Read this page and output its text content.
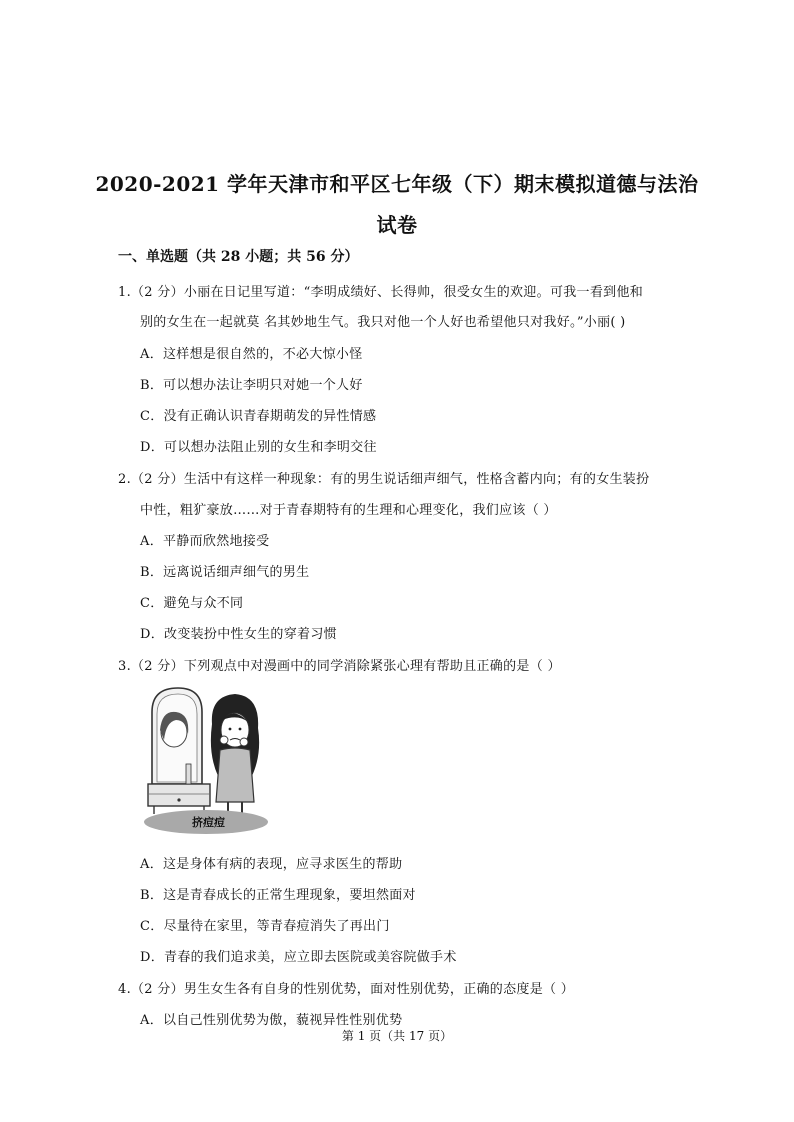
2020-2021 学年天津市和平区七年级（下）期末模拟道德与法治
试卷
一、单选题（共 28 小题；共 56 分）
1.（2 分）小丽在日记里写道：“李明成绩好、长得帅，很受女生的欢迎。可我一看到他和
别的女生在一起就莫 名其妙地生气。我只对他一个人好也希望他只对我好。”小丽( )
A．这样想是很自然的，不必大惊小怪
B．可以想办法让李明只对她一个人好
C．没有正确认识青春期萌发的异性情感
D．可以想办法阻止别的女生和李明交往
2.（2 分）生活中有这样一种现象：有的男生说话细声细气，性格含蓄内向；有的女生装扮
中性，粗犷豪放……对于青春期特有的生理和心理变化，我们应该（ ）
A．平静而欣然地接受
B．远离说话细声细气的男生
C．避免与众不同
D．改变装扮中性女生的穿着习惯
3.（2 分）下列观点中对漫画中的同学消除紧张心理有帮助且正确的是（ ）
挤痘痘
A．这是身体有病的表现，应寻求医生的帮助
B．这是青春成长的正常生理现象，要坦然面对
C．尽量待在家里，等青春痘消失了再出门
D．青春的我们追求美，应立即去医院或美容院做手术
4.（2 分）男生女生各有自身的性别优势，面对性别优势，正确的态度是（ ）
A．以自己性别优势为傲，藐视异性性别优势
第 1 页（共 17 页）
